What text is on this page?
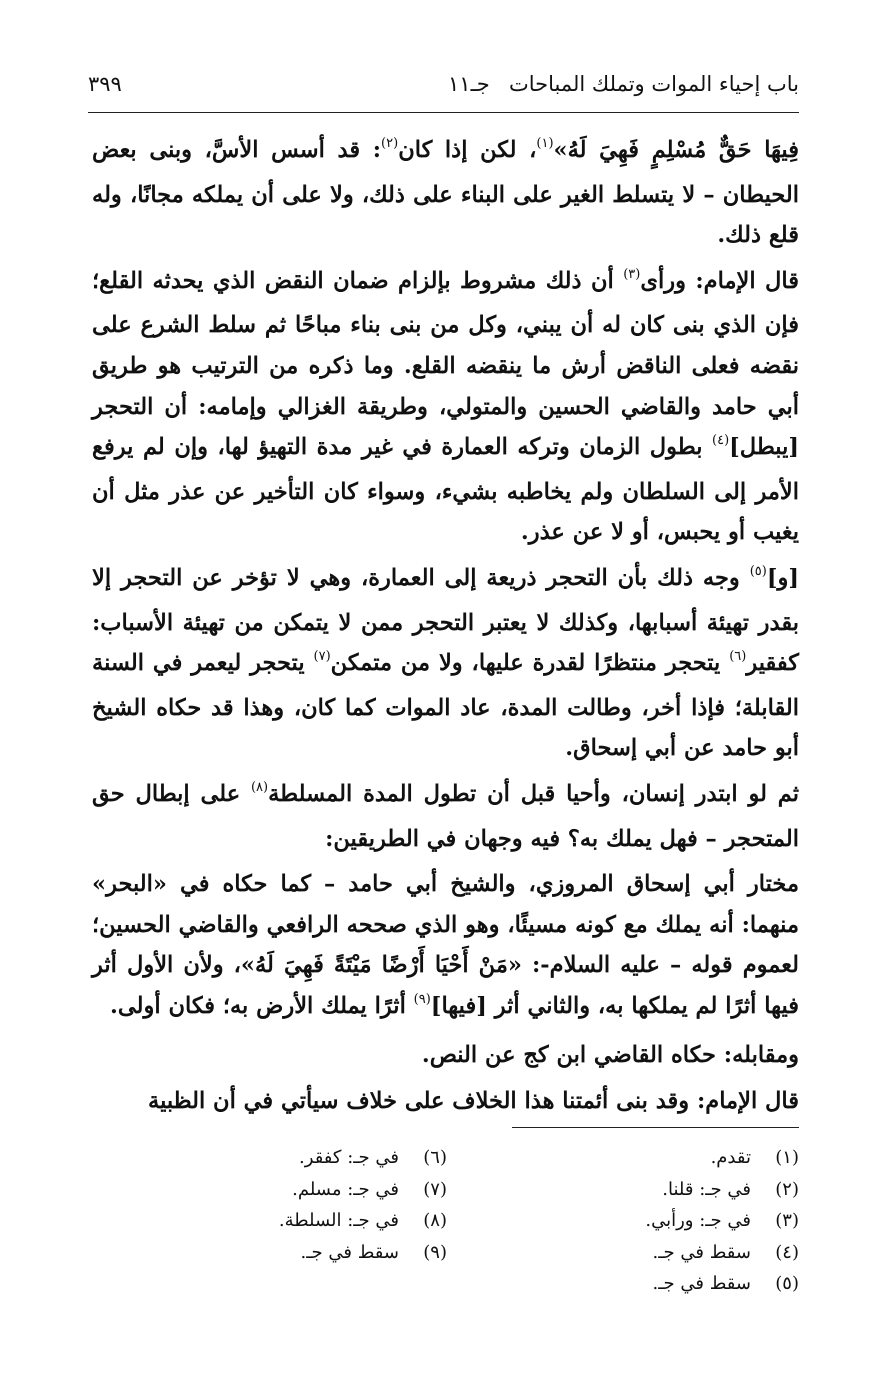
باب إحياء الموات وتملك المباحات
جـ١١
٣٩٩

فِيهَا حَقٌّ مُسْلِمٍ فَهِيَ لَهُ»$^{(١)}$، لكن إذا كان$^{(٢)}$: قد أسس الأسَّ، وبنى بعض الحيطان – لا يتسلط الغير على البناء على ذلك، ولا على أن يملكه مجانًا، وله قلع ذلك.

قال الإمام: ورأى$^{(٣)}$ أن ذلك مشروط بإلزام ضمان النقض الذي يحدثه القلع؛ فإن الذي بنى كان له أن يبني، وكل من بنى بناء مباحًا ثم سلط الشرع على نقضه فعلى الناقض أرش ما ينقضه القلع. وما ذكره من الترتيب هو طريق أبي حامد والقاضي الحسين والمتولي، وطريقة الغزالي وإمامه: أن التحجر [يبطل]$^{(٤)}$ بطول الزمان وتركه العمارة في غير مدة التهيؤ لها، وإن لم يرفع الأمر إلى السلطان ولم يخاطبه بشيء، وسواء كان التأخير عن عذر مثل أن يغيب أو يحبس، أو لا عن عذر.

[و]$^{(٥)}$ وجه ذلك بأن التحجر ذريعة إلى العمارة، وهي لا تؤخر عن التحجر إلا بقدر تهيئة أسبابها، وكذلك لا يعتبر التحجر ممن لا يتمكن من تهيئة الأسباب: كفقير$^{(٦)}$ يتحجر منتظرًا لقدرة عليها، ولا من متمكن$^{(٧)}$ يتحجر ليعمر في السنة القابلة؛ فإذا أخر، وطالت المدة، عاد الموات كما كان، وهذا قد حكاه الشيخ أبو حامد عن أبي إسحاق.

ثم لو ابتدر إنسان، وأحيا قبل أن تطول المدة المسلطة$^{(٨)}$ على إبطال حق المتحجر – فهل يملك به؟ فيه وجهان في الطريقين:

مختار أبي إسحاق المروزي، والشيخ أبي حامد – كما حكاه في «البحر» منهما: أنه يملك مع كونه مسيئًا، وهو الذي صححه الرافعي والقاضي الحسين؛ لعموم قوله – عليه السلام-: «مَنْ أَحْيَا أَرْضًا مَيْتَةً فَهِيَ لَهُ»، ولأن الأول أثر فيها أثرًا لم يملكها به، والثاني أثر [فيها]$^{(٩)}$ أثرًا يملك الأرض به؛ فكان أولى.

ومقابله: حكاه القاضي ابن كج عن النص.

قال الإمام: وقد بنى أئمتنا هذا الخلاف على خلاف سيأتي في أن الظبية

(١)تقدم.
(٢)في جـ: قلنا.
(٣)في جـ: ورأبي.
(٤)سقط في جـ.
(٥)سقط في جـ.
(٦)في جـ: كفقر.
(٧)في جـ: مسلم.
(٨)في جـ: السلطة.
(٩)سقط في جـ.
